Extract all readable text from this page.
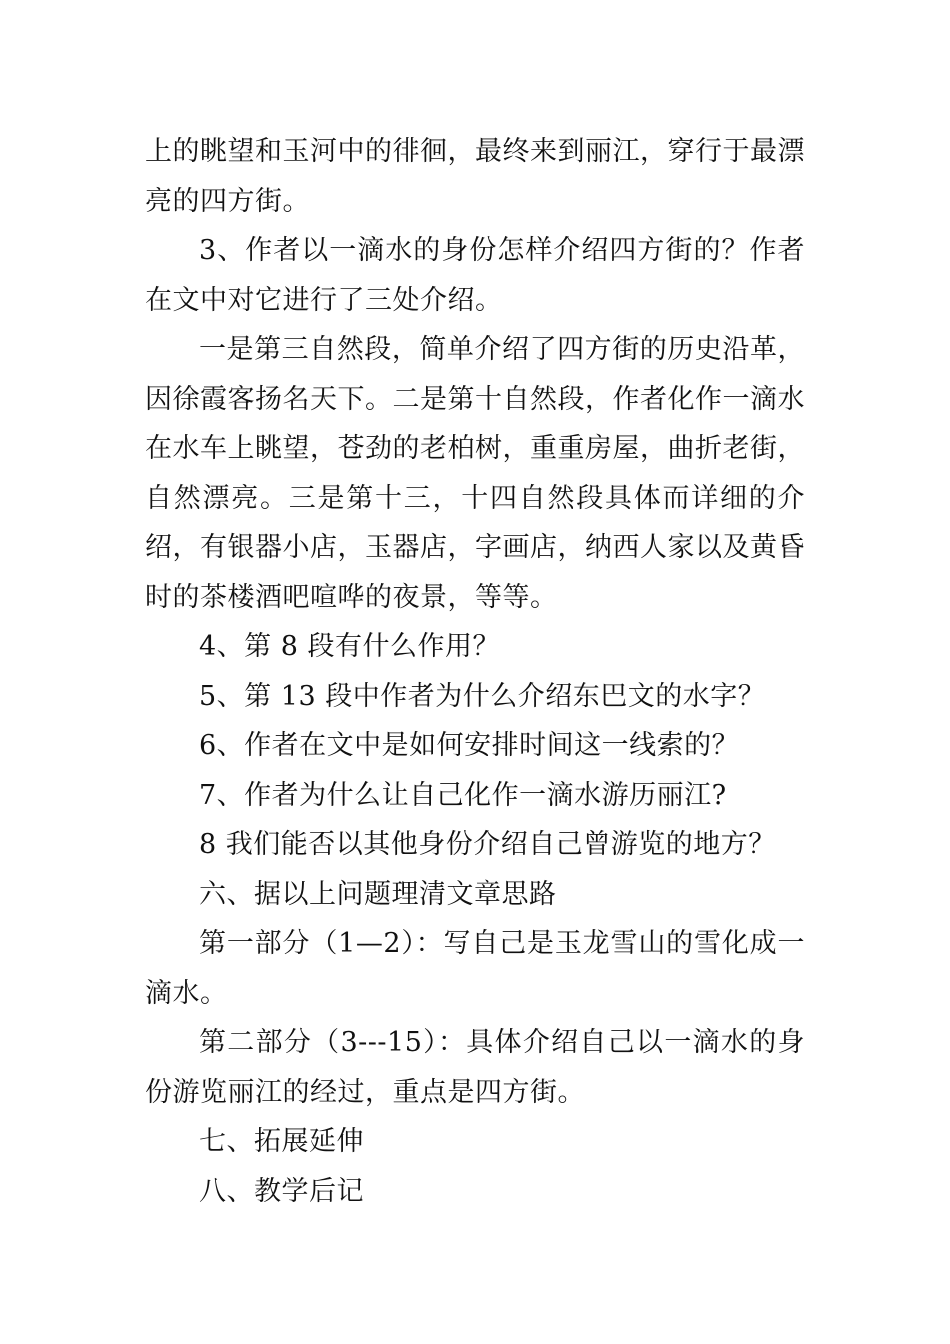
上的眺望和玉河中的徘徊，最终来到丽江，穿行于最漂亮的四方街。

3、作者以一滴水的身份怎样介绍四方街的？作者在文中对它进行了三处介绍。

一是第三自然段，简单介绍了四方街的历史沿革，因徐霞客扬名天下。二是第十自然段，作者化作一滴水在水车上眺望，苍劲的老柏树，重重房屋，曲折老街，自然漂亮。三是第十三，十四自然段具体而详细的介绍，有银器小店，玉器店，字画店，纳西人家以及黄昏时的茶楼酒吧喧哗的夜景，等等。

4、第 8 段有什么作用？

5、第 13 段中作者为什么介绍东巴文的水字？

6、作者在文中是如何安排时间这一线索的？

7、作者为什么让自己化作一滴水游历丽江?

8 我们能否以其他身份介绍自己曾游览的地方？

六、据以上问题理清文章思路

第一部分（1—2）：写自己是玉龙雪山的雪化成一滴水。

第二部分（3---15）：具体介绍自己以一滴水的身份游览丽江的经过，重点是四方街。

七、拓展延伸

八、教学后记
